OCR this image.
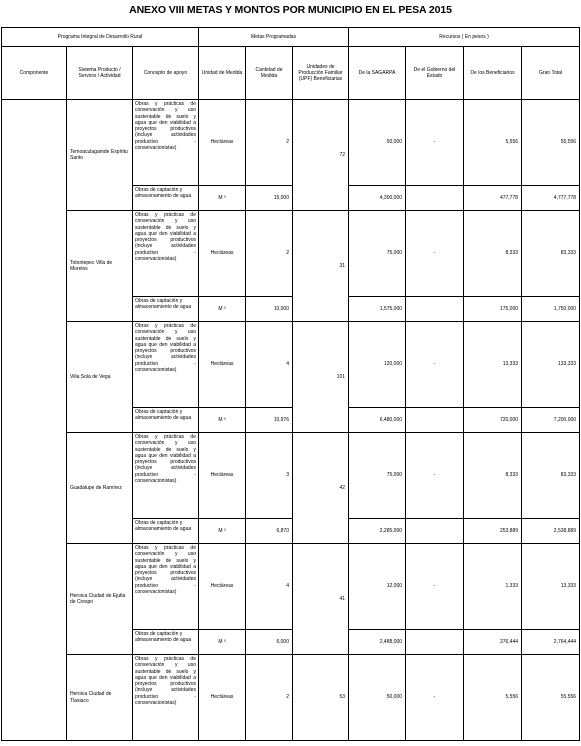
ANEXO VIII METAS Y MONTOS POR MUNICIPIO EN EL PESA 2015
Programa Integral de Desarrollo Rural			Metas Programadas			Recursos ( En pesos )			
Componente	Sistema Producto / Servicio / Actividad	Concepto de apoyo	Unidad de Medida	Cantidad de Medida	Unidades de Producción Familiar (UPF) Beneficiarias	De la SAGARPA	De el Gobierno del Estado	De los Beneficiarios	Gran Total
	Temoaculagamde Espíritu Santo	Obras y prácticas de conservación y uso sustentable de suelo y agua que den viabilidad a proyectos productivos (incluye actividades productivo - conservacionistas)	Hectáreas	2	72	50,000	-	5,556	55,556
		Obras de captación y almacenamiento de agua	M ³	15,000		4,300,000		477,778	4,777,778
	Totontepec Villa de Morelos	Obras y prácticas de conservación y uso sustentable de suelo y agua que den viabilidad a proyectos productivos (incluye actividades productivo - conservacionistas)	Hectáreas	2	31	75,000	-	8,333	83,333
		Obras de captación y almacenamiento de agua	M ³	10,000		1,575,000		175,000	1,750,000
	Villa Sola de Vega	Obras y prácticas de conservación y uso sustentable de suelo y agua que den viabilidad a proyectos productivos (incluye actividades productivo - conservacionistas)	Hectáreas	4	101	120,000	-	13,333	133,333
		Obras de captación y almacenamiento de agua	M ³	10,976		6,480,000		720,000	7,200,000
	Guadalupe de Ramírez	Obras y prácticas de conservación y uso sustentable de suelo y agua que den viabilidad a proyectos productivos (incluye actividades productivo - conservacionistas)	Hectáreas	3	42	75,000	-	8,333	83,333
		Obras de captación y almacenamiento de agua	M ³	6,870		2,285,000		253,889	2,538,889
	Heroica Ciudad de Ejutla de Crespo	Obras y prácticas de conservación y uso sustentable de suelo y agua que den viabilidad a proyectos productivos (incluye actividades productivo - conservacionistas)	Hectáreas	4	41	12,000	-	1,333	13,333
		Obras de captación y almacenamiento de agua	M ³	6,000		2,488,000		276,444	2,764,444
	Heroica Ciudad de Tlaxiaco	Obras y prácticas de conservación y uso sustentable de suelo y agua que den viabilidad a proyectos productivos (incluye actividades productivo - conservacionistas)	Hectáreas	2	53	50,000	-	5,556	55,556
